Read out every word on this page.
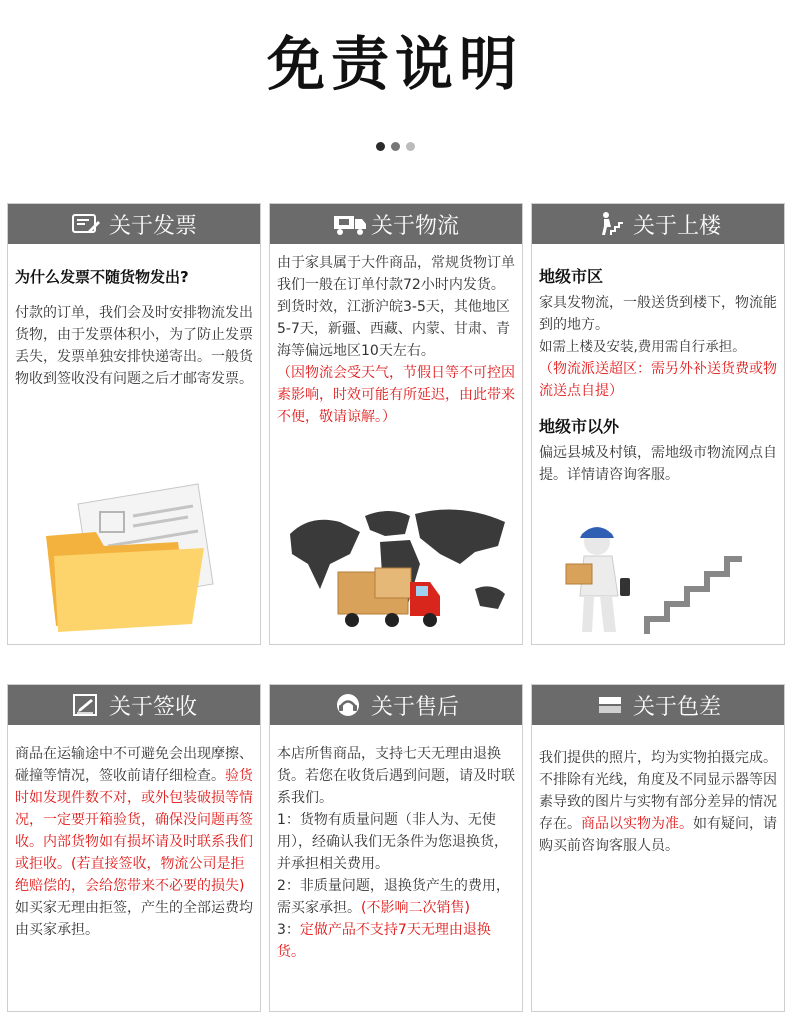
免责说明
关于发票
为什么发票不随货物发出?

付款的订单，我们会及时安排物流发出货物，由于发票体积小，为了防止发票丢失，发票单独安排快递寄出。一般货物收到签收没有问题之后才邮寄发票。

关于物流

由于家具属于大件商品，常规货物订单我们一般在订单付款72小时内发货。

到货时效，江浙沪皖3-5天，其他地区5-7天，新疆、西藏、内蒙、甘肃、青海等偏远地区10天左右。

（因物流会受天气，节假日等不可控因素影响，时效可能有所延迟，由此带来不便，敬请谅解。）

关于上楼
地级市区

家具发物流，一般送货到楼下，物流能到的地方。

如需上楼及安装,费用需自行承担。

（物流派送超区：需另外补送货费或物流送点自提）

地级市以外

偏远县城及村镇，需地级市物流网点自提。详情请咨询客服。

关于签收

商品在运输途中不可避免会出现摩擦、碰撞等情况，签收前请仔细检查。验货时如发现件数不对，或外包装破损等情况，一定要开箱验货，确保没问题再签收。内部货物如有损坏请及时联系我们或拒收。(若直接签收，物流公司是拒绝赔偿的，会给您带来不必要的损失)如买家无理由拒签，产生的全部运费均由买家承担。

关于售后

本店所售商品，支持七天无理由退换货。若您在收货后遇到问题，请及时联系我们。

1：货物有质量问题（非人为、无使用），经确认我们无条件为您退换货，并承担相关费用。

2：非质量问题，退换货产生的费用，需买家承担。(不影响二次销售)

3：定做产品不支持7天无理由退换货。

关于色差

我们提供的照片，均为实物拍摄完成。不排除有光线，角度及不同显示器等因素导致的图片与实物有部分差异的情况存在。商品以实物为准。如有疑问，请购买前咨询客服人员。
